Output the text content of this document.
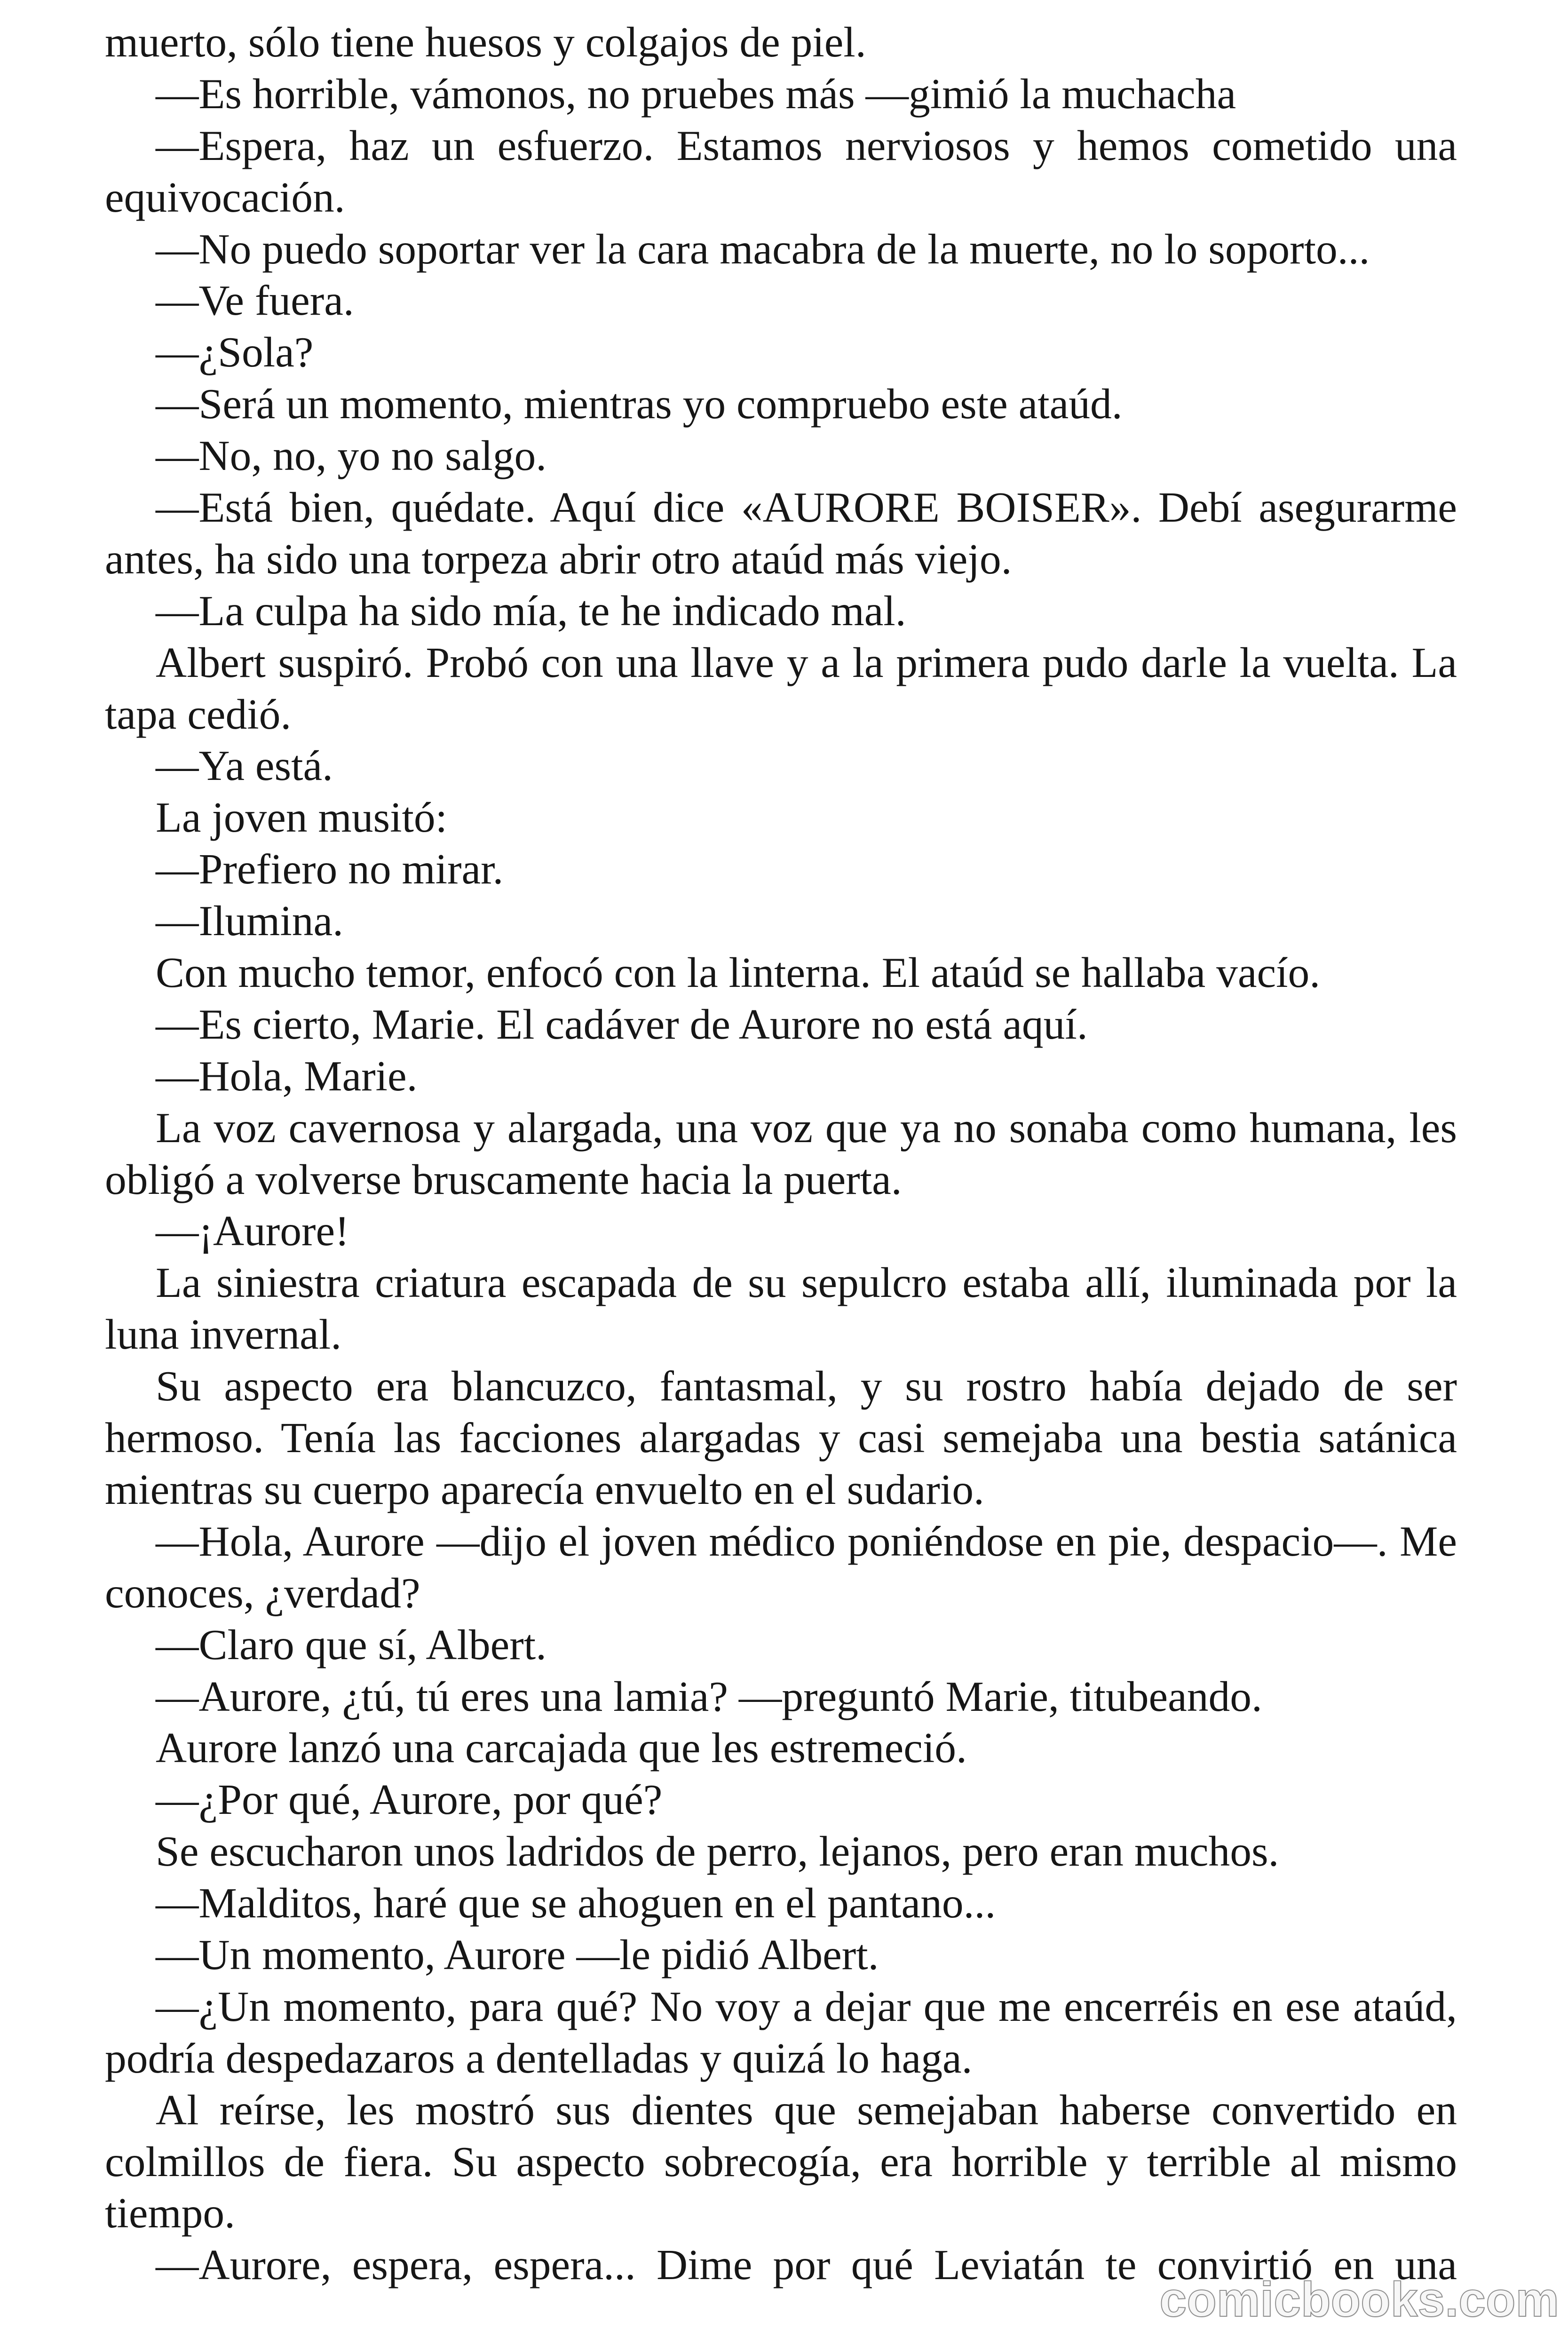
muerto, sólo tiene huesos y colgajos de piel.
—Es horrible, vámonos, no pruebes más —gimió la muchacha
—Espera, haz un esfuerzo. Estamos nerviosos y hemos cometido una
equivocación.
—No puedo soportar ver la cara macabra de la muerte, no lo soporto...
—Ve fuera.
—¿Sola?
—Será un momento, mientras yo compruebo este ataúd.
—No, no, yo no salgo.
—Está bien, quédate. Aquí dice «AURORE BOISER». Debí asegurarme
antes, ha sido una torpeza abrir otro ataúd más viejo.
—La culpa ha sido mía, te he indicado mal.
Albert suspiró. Probó con una llave y a la primera pudo darle la vuelta. La
tapa cedió.
—Ya está.
La joven musitó:
—Prefiero no mirar.
—Ilumina.
Con mucho temor, enfocó con la linterna. El ataúd se hallaba vacío.
—Es cierto, Marie. El cadáver de Aurore no está aquí.
—Hola, Marie.
La voz cavernosa y alargada, una voz que ya no sonaba como humana, les
obligó a volverse bruscamente hacia la puerta.
—¡Aurore!
La siniestra criatura escapada de su sepulcro estaba allí, iluminada por la
luna invernal.
Su aspecto era blancuzco, fantasmal, y su rostro había dejado de ser
hermoso. Tenía las facciones alargadas y casi semejaba una bestia satánica
mientras su cuerpo aparecía envuelto en el sudario.
—Hola, Aurore —dijo el joven médico poniéndose en pie, despacio—. Me
conoces, ¿verdad?
—Claro que sí, Albert.
—Aurore, ¿tú, tú eres una lamia? —preguntó Marie, titubeando.
Aurore lanzó una carcajada que les estremeció.
—¿Por qué, Aurore, por qué?
Se escucharon unos ladridos de perro, lejanos, pero eran muchos.
—Malditos, haré que se ahoguen en el pantano...
—Un momento, Aurore —le pidió Albert.
—¿Un momento, para qué? No voy a dejar que me encerréis en ese ataúd,
podría despedazaros a dentelladas y quizá lo haga.
Al reírse, les mostró sus dientes que semejaban haberse convertido en
colmillos de fiera. Su aspecto sobrecogía, era horrible y terrible al mismo
tiempo.
—Aurore, espera, espera... Dime por qué Leviatán te convirtió en una
comicbooks.com
